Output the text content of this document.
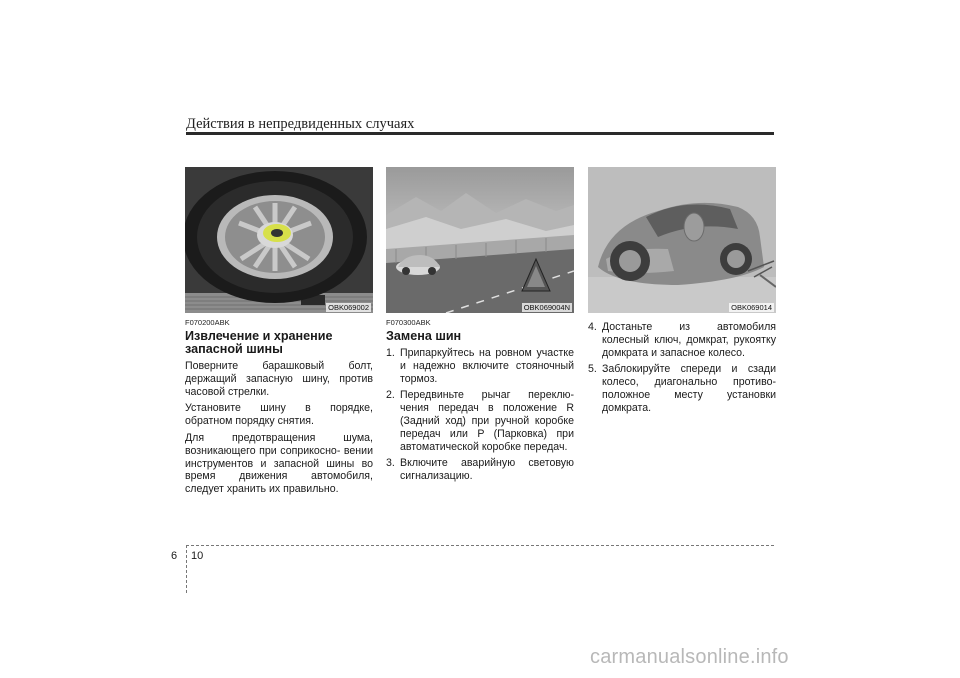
Действия в непредвиденных случаях
OBK069002
F070200ABK
Извлечение и хранение запасной шины

Поверните барашковый болт, держащий запасную шину, против часовой стрелки.

Установите шину в порядке, обратном порядку снятия.

Для предотвращения шума, возникающего при соприкосно- вении инструментов и запасной шины во время движения автомобиля, следует хранить их правильно.

OBK069004N
F070300ABK
Замена шин
1. Припаркуйтесь на ровном участке и надежно включите стояночный тормоз.
2. Передвиньте рычаг переклю- чения передач в положение R (Задний ход) при ручной коробке передач или P (Парковка) при автоматической коробке передач.
3. Включите аварийную световую сигнализацию.
OBK069014
4. Достаньте из автомобиля колесный ключ, домкрат, рукоятку домкрата и запасное колесо.
5. Заблокируйте спереди и сзади колесо, диагонально противо- положное месту установки домкрата.
6 10
carmanualsonline.info
